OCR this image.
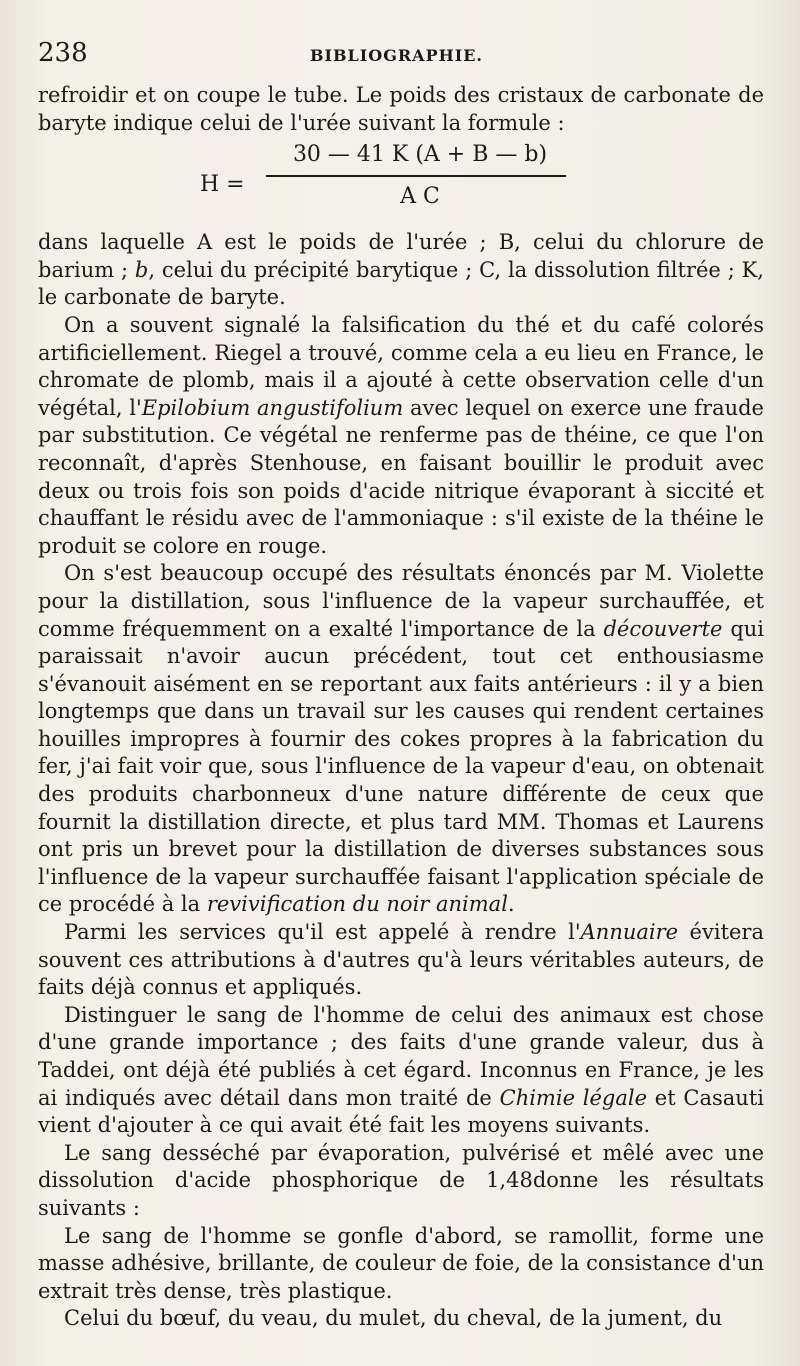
238	BIBLIOGRAPHIE.

refroidir et on coupe le tube. Le poids des cristaux de carbonate de baryte indique celui de l'urée suivant la formule :

H =
30 — 41 K (A + B — b)
A C

dans laquelle A est le poids de l'urée ; B, celui du chlorure de barium ; b, celui du précipité barytique ; C, la dissolution filtrée ; K, le carbonate de baryte.

On a souvent signalé la falsification du thé et du café colorés artificiellement. Riegel a trouvé, comme cela a eu lieu en France, le chromate de plomb, mais il a ajouté à cette observation celle d'un végétal, l'Epilobium angustifolium avec lequel on exerce une fraude par substitution. Ce végétal ne renferme pas de théine, ce que l'on reconnaît, d'après Stenhouse, en faisant bouillir le produit avec deux ou trois fois son poids d'acide nitrique évaporant à siccité et chauffant le résidu avec de l'ammoniaque : s'il existe de la théine le produit se colore en rouge.

On s'est beaucoup occupé des résultats énoncés par M. Violette pour la distillation, sous l'influence de la vapeur surchauffée, et comme fréquemment on a exalté l'importance de la découverte qui paraissait n'avoir aucun précédent, tout cet enthousiasme s'évanouit aisément en se reportant aux faits antérieurs : il y a bien longtemps que dans un travail sur les causes qui rendent certaines houilles impropres à fournir des cokes propres à la fabrication du fer, j'ai fait voir que, sous l'influence de la vapeur d'eau, on obtenait des produits charbonneux d'une nature différente de ceux que fournit la distillation directe, et plus tard MM. Thomas et Laurens ont pris un brevet pour la distillation de diverses substances sous l'influence de la vapeur surchauffée faisant l'application spéciale de ce procédé à la revivification du noir animal.

Parmi les services qu'il est appelé à rendre l'Annuaire évitera souvent ces attributions à d'autres qu'à leurs véritables auteurs, de faits déjà connus et appliqués.

Distinguer le sang de l'homme de celui des animaux est chose d'une grande importance ; des faits d'une grande valeur, dus à Taddei, ont déjà été publiés à cet égard. Inconnus en France, je les ai indiqués avec détail dans mon traité de Chimie légale et Casauti vient d'ajouter à ce qui avait été fait les moyens suivants.

Le sang desséché par évaporation, pulvérisé et mêlé avec une dissolution d'acide phosphorique de 1,48donne les résultats suivants :

Le sang de l'homme se gonfle d'abord, se ramollit, forme une masse adhésive, brillante, de couleur de foie, de la consistance d'un extrait très dense, très plastique.

Celui du bœuf, du veau, du mulet, du cheval, de la jument, du
